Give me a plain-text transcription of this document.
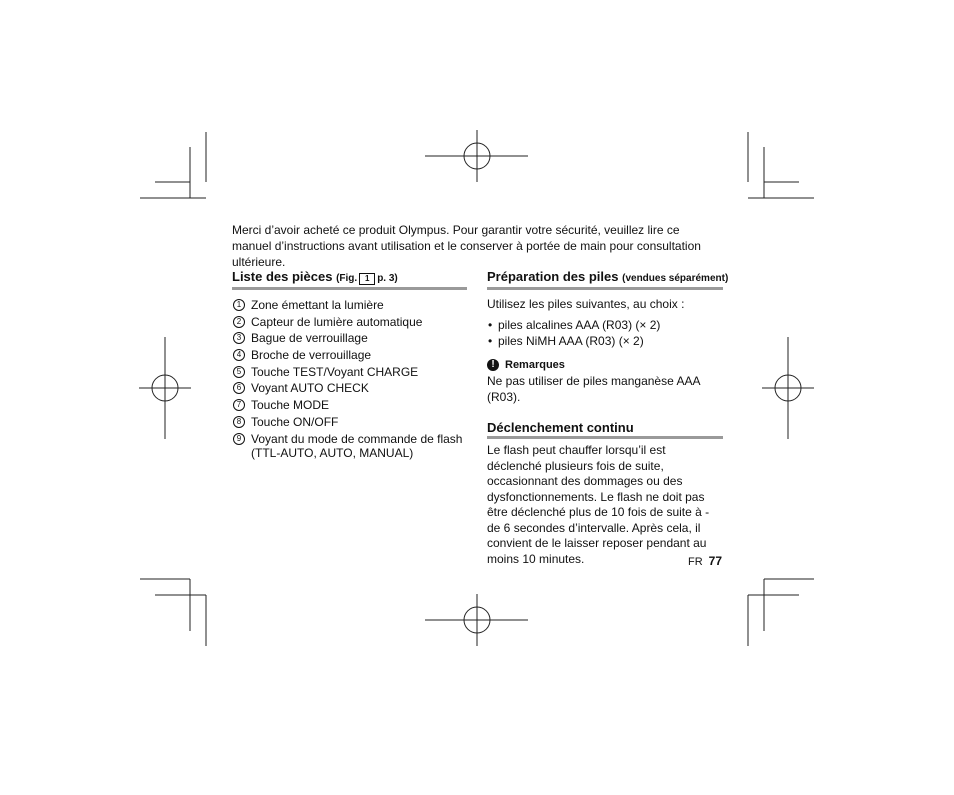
Merci d’avoir acheté ce produit Olympus. Pour garantir votre sécurité, veuillez lire ce manuel d’instructions avant utilisation et le conserver à portée de main pour consultation ultérieure.

Liste des pièces (Fig. 1 p. 3)
1 Zone émettant la lumière
2 Capteur de lumière automatique
3 Bague de verrouillage
4 Broche de verrouillage
5 Touche TEST/Voyant CHARGE
6 Voyant AUTO CHECK
7 Touche MODE
8 Touche ON/OFF
9 Voyant du mode de commande de flash (TTL-AUTO, AUTO, MANUAL)
Préparation des piles (vendues séparément)

Utilisez les piles suivantes, au choix :

• piles alcalines AAA (R03) (× 2)
• piles NiMH AAA (R03) (× 2)
! Remarques

Ne pas utiliser de piles manganèse AAA (R03).

Déclenchement continu

Le flash peut chauffer lorsqu’il est déclenché plusieurs fois de suite, occasionnant des dommages ou des dysfonctionnements. Le flash ne doit pas être déclenché plus de 10 fois de suite à - de 6 secondes d’intervalle. Après cela, il convient de le laisser reposer pendant au moins 10 minutes.	FR 77
